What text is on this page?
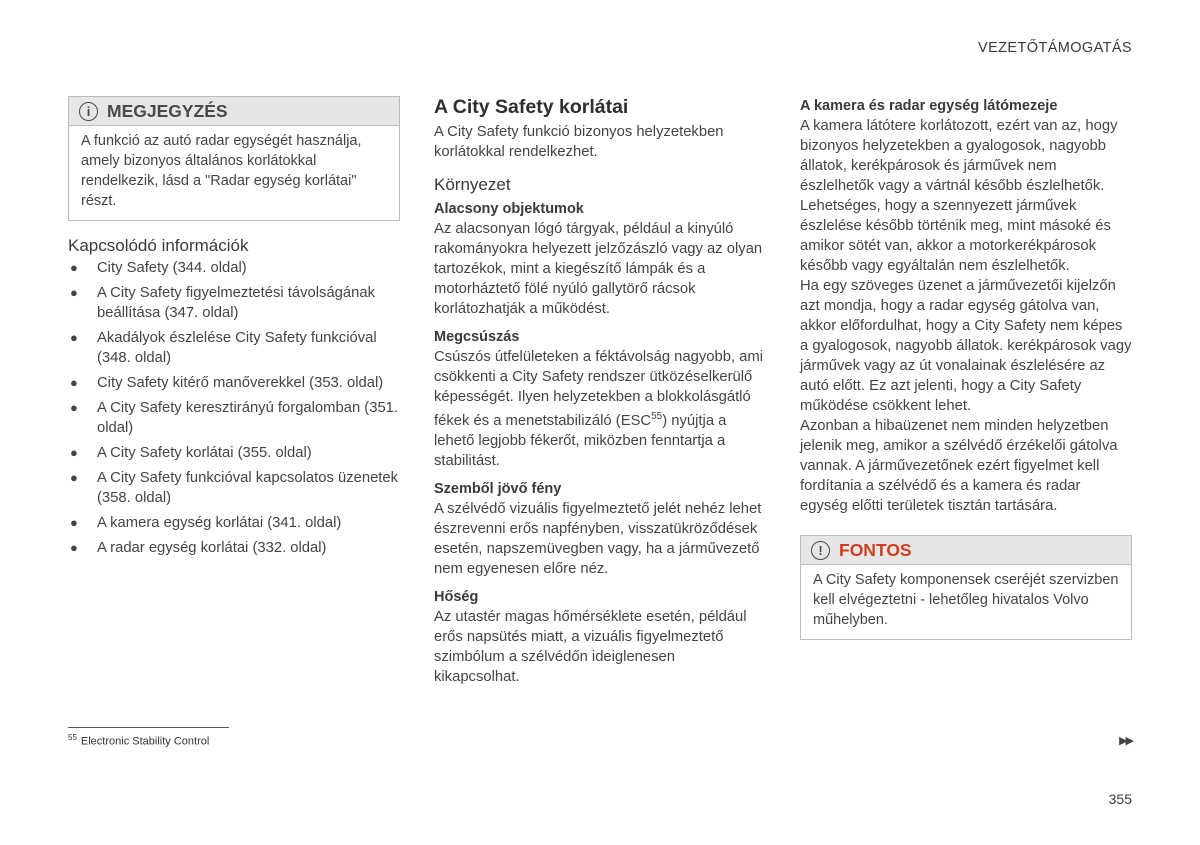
VEZETŐTÁMOGATÁS
i MEGJEGYZÉS
A funkció az autó radar egységét használja, amely bizonyos általános korlátokkal rendelkezik, lásd a "Radar egység korlátai" részt.
Kapcsolódó információk
● City Safety (344. oldal)
● A City Safety figyelmeztetési távolságának beállítása (347. oldal)
● Akadályok észlelése City Safety funkcióval (348. oldal)
● City Safety kitérő manőverekkel (353. oldal)
● A City Safety keresztirányú forgalomban (351. oldal)
● A City Safety korlátai (355. oldal)
● A City Safety funkcióval kapcsolatos üzenetek (358. oldal)
● A kamera egység korlátai (341. oldal)
● A radar egység korlátai (332. oldal)
A City Safety korlátai

A City Safety funkció bizonyos helyzetekben korlátokkal rendelkezhet.

Környezet
Alacsony objektumok

Az alacsonyan lógó tárgyak, például a kinyúló rakományokra helyezett jelzőzászló vagy az olyan tartozékok, mint a kiegészítő lámpák és a motorháztető fölé nyúló gallytörő rácsok korlátozhatják a működést.

Megcsúszás

Csúszós útfelületeken a féktávolság nagyobb, ami csökkenti a City Safety rendszer ütközéselkerülő képességét. Ilyen helyzetekben a blokkolásgátló fékek és a menetstabilizáló (ESC$^{55}$) nyújtja a lehető legjobb fékerőt, miközben fenntartja a stabilitást.

Szemből jövő fény

A szélvédő vizuális figyelmeztető jelét nehéz lehet észrevenni erős napfényben, visszatükröződések esetén, napszemüvegben vagy, ha a járművezető nem egyenesen előre néz.

Hőség

Az utastér magas hőmérséklete esetén, például erős napsütés miatt, a vizuális figyelmeztető szimbólum a szélvédőn ideiglenesen kikapcsolhat.

A kamera és radar egység látómezeje

A kamera látótere korlátozott, ezért van az, hogy bizonyos helyzetekben a gyalogosok, nagyobb állatok, kerékpárosok és járművek nem észlelhetők vagy a vártnál később észlelhetők.

Lehetséges, hogy a szennyezett járművek észlelése később történik meg, mint másoké és amikor sötét van, akkor a motorkerékpárosok később vagy egyáltalán nem észlelhetők.

Ha egy szöveges üzenet a járművezetői kijelzőn azt mondja, hogy a radar egység gátolva van, akkor előfordulhat, hogy a City Safety nem képes a gyalogosok, nagyobb állatok. kerékpárosok vagy járművek vagy az út vonalainak észlelésére az autó előtt. Ez azt jelenti, hogy a City Safety működése csökkent lehet.

Azonban a hibaüzenet nem minden helyzetben jelenik meg, amikor a szélvédő érzékelői gátolva vannak. A járművezetőnek ezért figyelmet kell fordítania a szélvédő és a kamera és radar egység előtti területek tisztán tartására.

! FONTOS
A City Safety komponensek cseréjét szervizben kell elvégeztetni - lehetőleg hivatalos Volvo műhelyben.
$^{55}$ Electronic Stability Control	▶▶
355
